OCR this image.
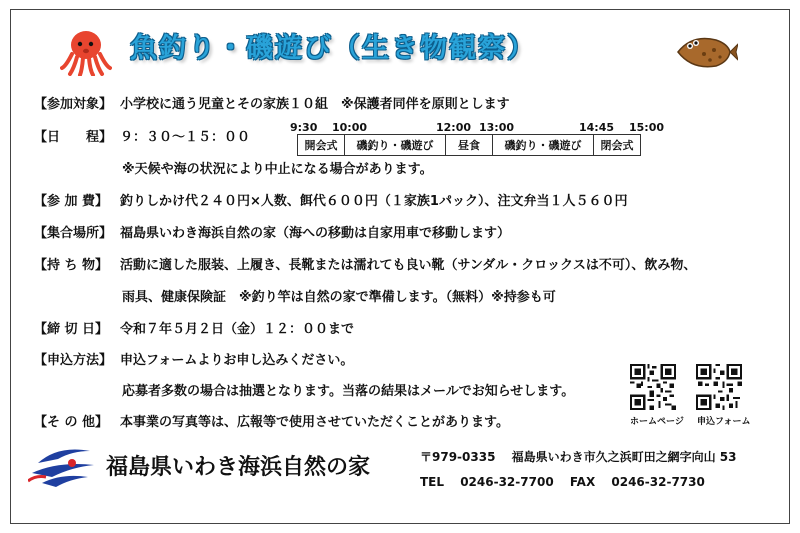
魚釣り・磯遊び（生き物観察）
【参加対象】 小学校に通う児童とその家族１０組　※保護者同伴を原則とします
【日　　程】 ９：３０～１５：００
9:30 10:00	12:00 13:00	14:45 15:00
開会式	磯釣り・磯遊び	昼食	磯釣り・磯遊び	閉会式
※天候や海の状況により中止になる場合があります。
【参 加 費】 釣りしかけ代２４０円×人数、餌代６００円（１家族1パック）、注文弁当１人５６０円
【集合場所】 福島県いわき海浜自然の家（海への移動は自家用車で移動します）
【持 ち 物】 活動に適した服装、上履き、長靴または濡れても良い靴（サンダル・クロックスは不可）、飲み物、
雨具、健康保険証　※釣り竿は自然の家で準備します。（無料）※持参も可
【締 切 日】 令和７年５月２日（金）１２：００まで
【申込方法】 申込フォームよりお申し込みください。
応募者多数の場合は抽選となります。当落の結果はメールでお知らせします。
【そ の 他】 本事業の写真等は、広報等で使用させていただくことがあります。	ホームページ 申込フォーム
福島県いわき海浜自然の家	〒979-0335　 福島県いわき市久之浜町田之網字向山 53
TEL　 0246-32-7700　 FAX　 0246-32-7730
